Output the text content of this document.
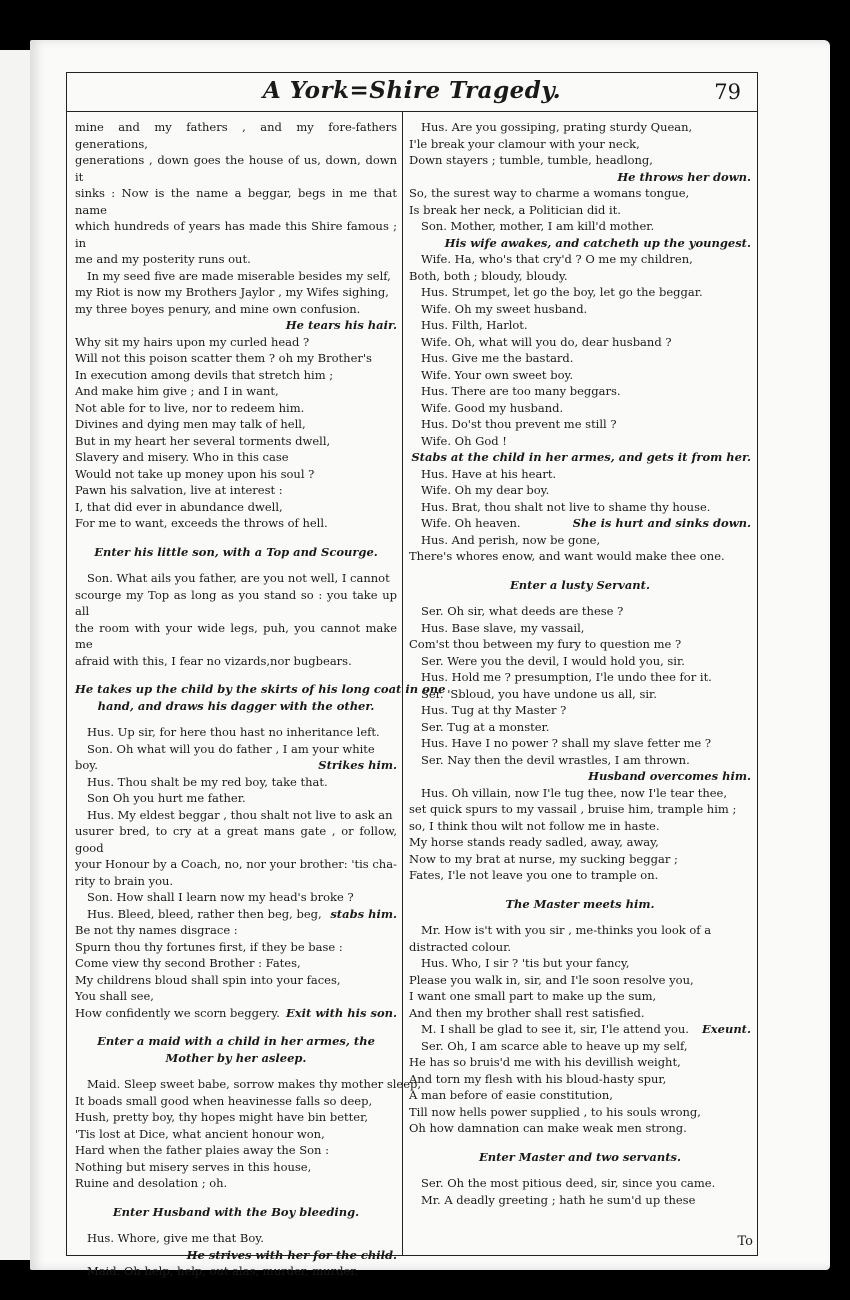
A York=Shire Tragedy.	79

mine and my fathers , and my fore-fathers generations,

generations , down goes the house of us, down, down it

sinks : Now is the name a beggar, begs in me that name

which hundreds of years has made this Shire famous ; in

me and my posterity runs out.

In my seed five are made miserable besides my self,

my Riot is now my Brothers Jaylor , my Wifes sighing,

my three boyes penury, and mine own confusion.

He tears his hair.

Why sit my hairs upon my curled head ?

Will not this poison scatter them ? oh my Brother's

In execution among devils that stretch him ;

And make him give ; and I in want,

Not able for to live, nor to redeem him.

Divines and dying men may talk of hell,

But in my heart her several torments dwell,

Slavery and misery. Who in this case

Would not take up money upon his soul ?

Pawn his salvation, live at interest :

I, that did ever in abundance dwell,

For me to want, exceeds the throws of hell.

Enter his little son, with a Top and Scourge.

Son. What ails you father, are you not well, I cannot

scourge my Top as long as you stand so : you take up all

the room with your wide legs, puh, you cannot make me

afraid with this, I fear no vizards,nor bugbears.

He takes up the child by the skirts of his long coat in one

hand, and draws his dagger with the other.

Hus. Up sir, for here thou hast no inheritance left.

Son. Oh what will you do father , I am your white

Strikes him.
boy.

Hus. Thou shalt be my red boy, take that.

Son Oh you hurt me father.

Hus. My eldest beggar , thou shalt not live to ask an

usurer bred, to cry at a great mans gate , or follow, good

your Honour by a Coach, no, nor your brother: 'tis cha-

rity to brain you.

Son. How shall I learn now my head's broke ?

stabs him.
Hus. Bleed, bleed, rather then beg, beg,

Be not thy names disgrace :

Spurn thou thy fortunes first, if they be base :

Come view thy second Brother : Fates,

My childrens bloud shall spin into your faces,

You shall see,

Exit with his son.
How confidently we scorn beggery.

Enter a maid with a child in her armes, the

Mother by her asleep.

Maid. Sleep sweet babe, sorrow makes thy mother sleep,

It boads small good when heavinesse falls so deep,

Hush, pretty boy, thy hopes might have bin better,

'Tis lost at Dice, what ancient honour won,

Hard when the father plaies away the Son :

Nothing but misery serves in this house,

Ruine and desolation ; oh.

Enter Husband with the Boy bleeding.

Hus. Whore, give me that Boy.

He strives with her for the child.

Maid. Oh help, help, out alas, murder, murder.

Hus. Are you gossiping, prating sturdy Quean,

I'le break your clamour with your neck,

Down stayers ; tumble, tumble, headlong,

He throws her down.

So, the surest way to charme a womans tongue,

Is break her neck, a Politician did it.

Son. Mother, mother, I am kill'd mother.

His wife awakes, and catcheth up the youngest.

Wife. Ha, who's that cry'd ? O me my children,

Both, both ; bloudy, bloudy.

Hus. Strumpet, let go the boy, let go the beggar.

Wife. Oh my sweet husband.

Hus. Filth, Harlot.

Wife. Oh, what will you do, dear husband ?

Hus. Give me the bastard.

Wife. Your own sweet boy.

Hus. There are too many beggars.

Wife. Good my husband.

Hus. Do'st thou prevent me still ?

Wife. Oh God !

Stabs at the child in her armes, and gets it from her.

Hus. Have at his heart.

Wife. Oh my dear boy.

Hus. Brat, thou shalt not live to shame thy house.

She is hurt and sinks down.
Wife. Oh heaven.

Hus. And perish, now be gone,

There's whores enow, and want would make thee one.

Enter a lusty Servant.

Ser. Oh sir, what deeds are these ?

Hus. Base slave, my vassail,

Com'st thou between my fury to question me ?

Ser. Were you the devil, I would hold you, sir.

Hus. Hold me ? presumption, I'le undo thee for it.

Ser. 'Sbloud, you have undone us all, sir.

Hus. Tug at thy Master ?

Ser. Tug at a monster.

Hus. Have I no power ? shall my slave fetter me ?

Ser. Nay then the devil wrastles, I am thrown.

Husband overcomes him.

Hus. Oh villain, now I'le tug thee, now I'le tear thee,

set quick spurs to my vassail , bruise him, trample him ;

so, I think thou wilt not follow me in haste.

My horse stands ready sadled, away, away,

Now to my brat at nurse, my sucking beggar ;

Fates, I'le not leave you one to trample on.

The Master meets him.

Mr. How is't with you sir , me-thinks you look of a

distracted colour.

Hus. Who, I sir ? 'tis but your fancy,

Please you walk in, sir, and I'le soon resolve you,

I want one small part to make up the sum,

And then my brother shall rest satisfied.

Exeunt.
M. I shall be glad to see it, sir, I'le attend you.

Ser. Oh, I am scarce able to heave up my self,

He has so bruis'd me with his devillish weight,

And torn my flesh with his bloud-hasty spur,

A man before of easie constitution,

Till now hells power supplied , to his souls wrong,

Oh how damnation can make weak men strong.

Enter Master and two servants.

Ser. Oh the most pitious deed, sir, since you came.

Mr. A deadly greeting ; hath he sum'd up these

To
